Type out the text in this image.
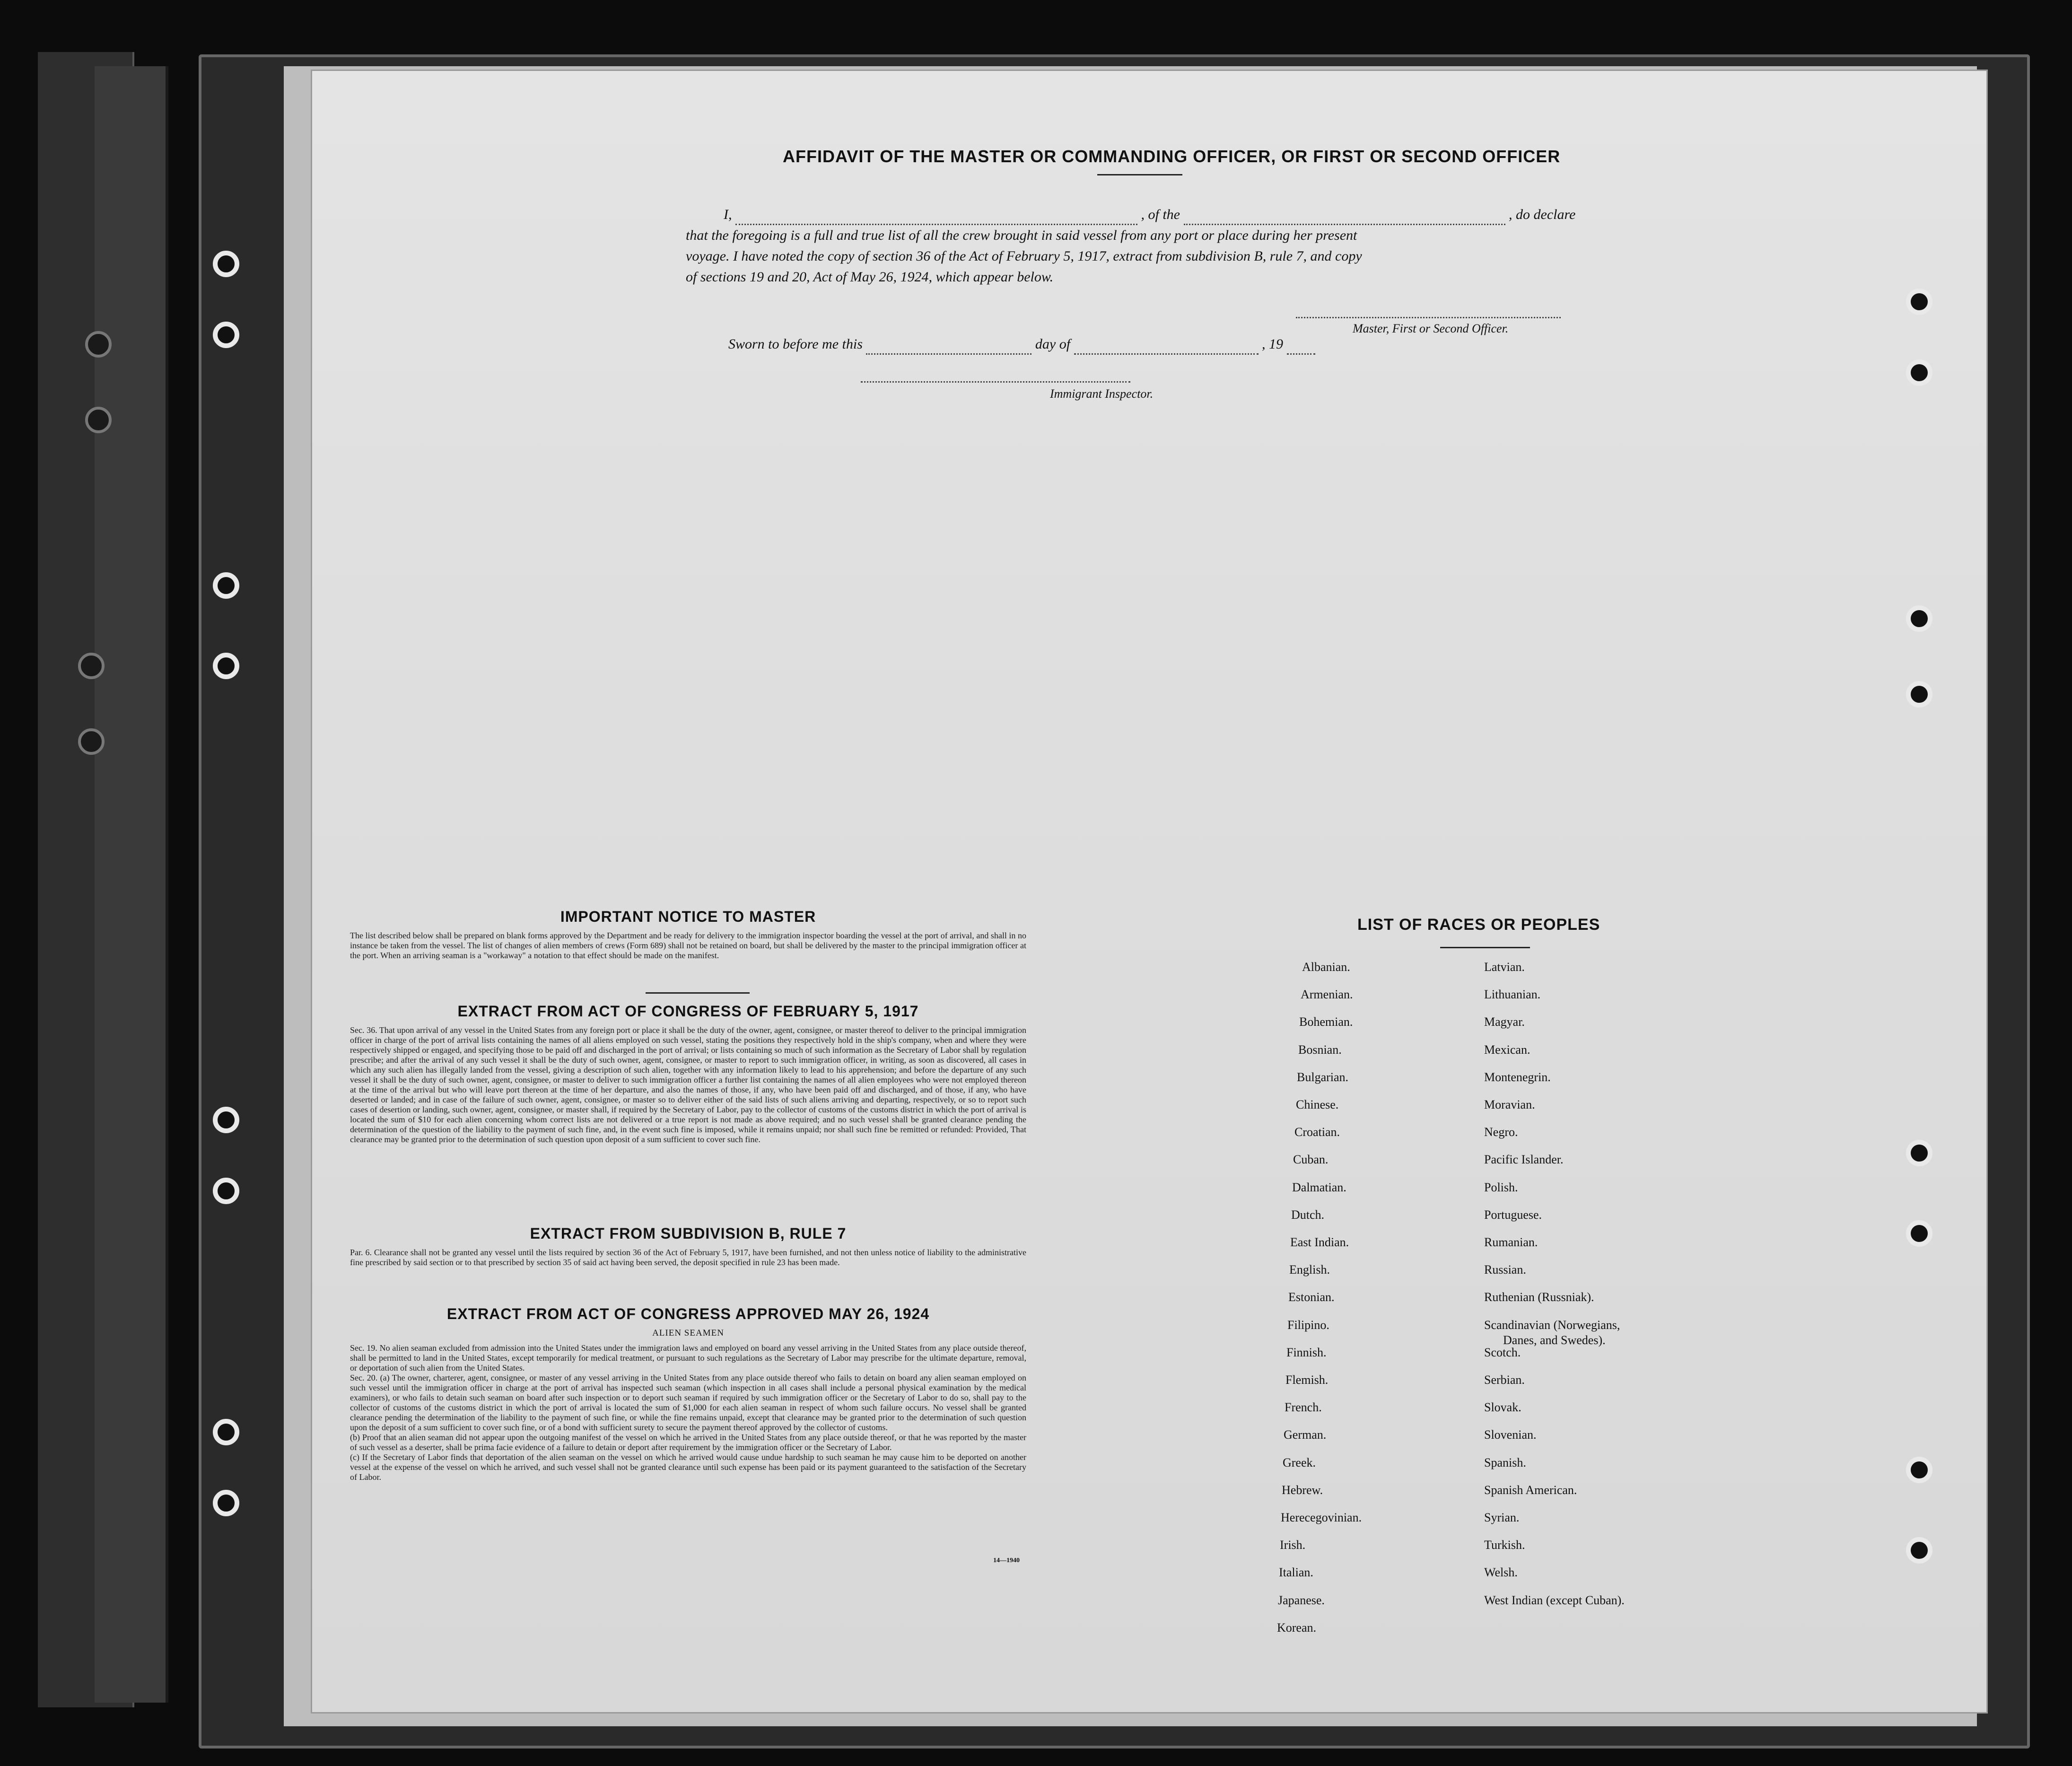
AFFIDAVIT OF THE MASTER OR COMMANDING OFFICER, OR FIRST OR SECOND OFFICER
I,	, of the	, do declare
that the foregoing is a full and true list of all the crew brought in said vessel from any port or place during her present
voyage. I have noted the copy of section 36 of the Act of February 5, 1917, extract from subdivision B, rule 7, and copy
of sections 19 and 20, Act of May 26, 1924, which appear below.
Master, First or Second Officer.
Sworn to before me this	day of	, 19
Immigrant Inspector.
IMPORTANT NOTICE TO MASTER
The list described below shall be prepared on blank forms approved by the Department and be ready for delivery to the immigration inspector boarding the vessel at the port of arrival, and shall in no instance be taken from the vessel. The list of changes of alien members of crews (Form 689) shall not be retained on board, but shall be delivered by the master to the principal immigration officer at the port. When an arriving seaman is a "workaway" a notation to that effect should be made on the manifest.
EXTRACT FROM ACT OF CONGRESS OF FEBRUARY 5, 1917
Sec. 36. That upon arrival of any vessel in the United States from any foreign port or place it shall be the duty of the owner, agent, consignee, or master thereof to deliver to the principal immigration officer in charge of the port of arrival lists containing the names of all aliens employed on such vessel, stating the positions they respectively hold in the ship's company, when and where they were respectively shipped or engaged, and specifying those to be paid off and discharged in the port of arrival; or lists containing so much of such information as the Secretary of Labor shall by regulation prescribe; and after the arrival of any such vessel it shall be the duty of such owner, agent, consignee, or master to report to such immigration officer, in writing, as soon as discovered, all cases in which any such alien has illegally landed from the vessel, giving a description of such alien, together with any information likely to lead to his apprehension; and before the departure of any such vessel it shall be the duty of such owner, agent, consignee, or master to deliver to such immigration officer a further list containing the names of all alien employees who were not employed thereon at the time of the arrival but who will leave port thereon at the time of her departure, and also the names of those, if any, who have been paid off and discharged, and of those, if any, who have deserted or landed; and in case of the failure of such owner, agent, consignee, or master so to deliver either of the said lists of such aliens arriving and departing, respectively, or so to report such cases of desertion or landing, such owner, agent, consignee, or master shall, if required by the Secretary of Labor, pay to the collector of customs of the customs district in which the port of arrival is located the sum of $10 for each alien concerning whom correct lists are not delivered or a true report is not made as above required; and no such vessel shall be granted clearance pending the determination of the question of the liability to the payment of such fine, and, in the event such fine is imposed, while it remains unpaid; nor shall such fine be remitted or refunded: Provided, That clearance may be granted prior to the determination of such question upon deposit of a sum sufficient to cover such fine.
EXTRACT FROM SUBDIVISION B, RULE 7
Par. 6. Clearance shall not be granted any vessel until the lists required by section 36 of the Act of February 5, 1917, have been furnished, and not then unless notice of liability to the administrative fine prescribed by said section or to that prescribed by section 35 of said act having been served, the deposit specified in rule 23 has been made.
EXTRACT FROM ACT OF CONGRESS APPROVED MAY 26, 1924
ALIEN SEAMEN
Sec. 19. No alien seaman excluded from admission into the United States under the immigration laws and employed on board any vessel arriving in the United States from any place outside thereof, shall be permitted to land in the United States, except temporarily for medical treatment, or pursuant to such regulations as the Secretary of Labor may prescribe for the ultimate departure, removal, or deportation of such alien from the United States.
Sec. 20. (a) The owner, charterer, agent, consignee, or master of any vessel arriving in the United States from any place outside thereof who fails to detain on board any alien seaman employed on such vessel until the immigration officer in charge at the port of arrival has inspected such seaman (which inspection in all cases shall include a personal physical examination by the medical examiners), or who fails to detain such seaman on board after such inspection or to deport such seaman if required by such immigration officer or the Secretary of Labor to do so, shall pay to the collector of customs of the customs district in which the port of arrival is located the sum of $1,000 for each alien seaman in respect of whom such failure occurs. No vessel shall be granted clearance pending the determination of the liability to the payment of such fine, or while the fine remains unpaid, except that clearance may be granted prior to the determination of such question upon the deposit of a sum sufficient to cover such fine, or of a bond with sufficient surety to secure the payment thereof approved by the collector of customs.
(b) Proof that an alien seaman did not appear upon the outgoing manifest of the vessel on which he arrived in the United States from any place outside thereof, or that he was reported by the master of such vessel as a deserter, shall be prima facie evidence of a failure to detain or deport after requirement by the immigration officer or the Secretary of Labor.
(c) If the Secretary of Labor finds that deportation of the alien seaman on the vessel on which he arrived would cause undue hardship to such seaman he may cause him to be deported on another vessel at the expense of the vessel on which he arrived, and such vessel shall not be granted clearance until such expense has been paid or its payment guaranteed to the satisfaction of the Secretary of Labor.
14—1940
LIST OF RACES OR PEOPLES
Albanian.
Armenian.
Bohemian.
Bosnian.
Bulgarian.
Chinese.
Croatian.
Cuban.
Dalmatian.
Dutch.
East Indian.
English.
Estonian.
Filipino.
Finnish.
Flemish.
French.
German.
Greek.
Hebrew.
Herecegovinian.
Irish.
Italian.
Japanese.
Korean.
Latvian.
Lithuanian.
Magyar.
Mexican.
Montenegrin.
Moravian.
Negro.
Pacific Islander.
Polish.
Portuguese.
Rumanian.
Russian.
Ruthenian (Russniak).
Scandinavian (Norwegians,
Danes, and Swedes).
Scotch.
Serbian.
Slovak.
Slovenian.
Spanish.
Spanish American.
Syrian.
Turkish.
Welsh.
West Indian (except Cuban).
